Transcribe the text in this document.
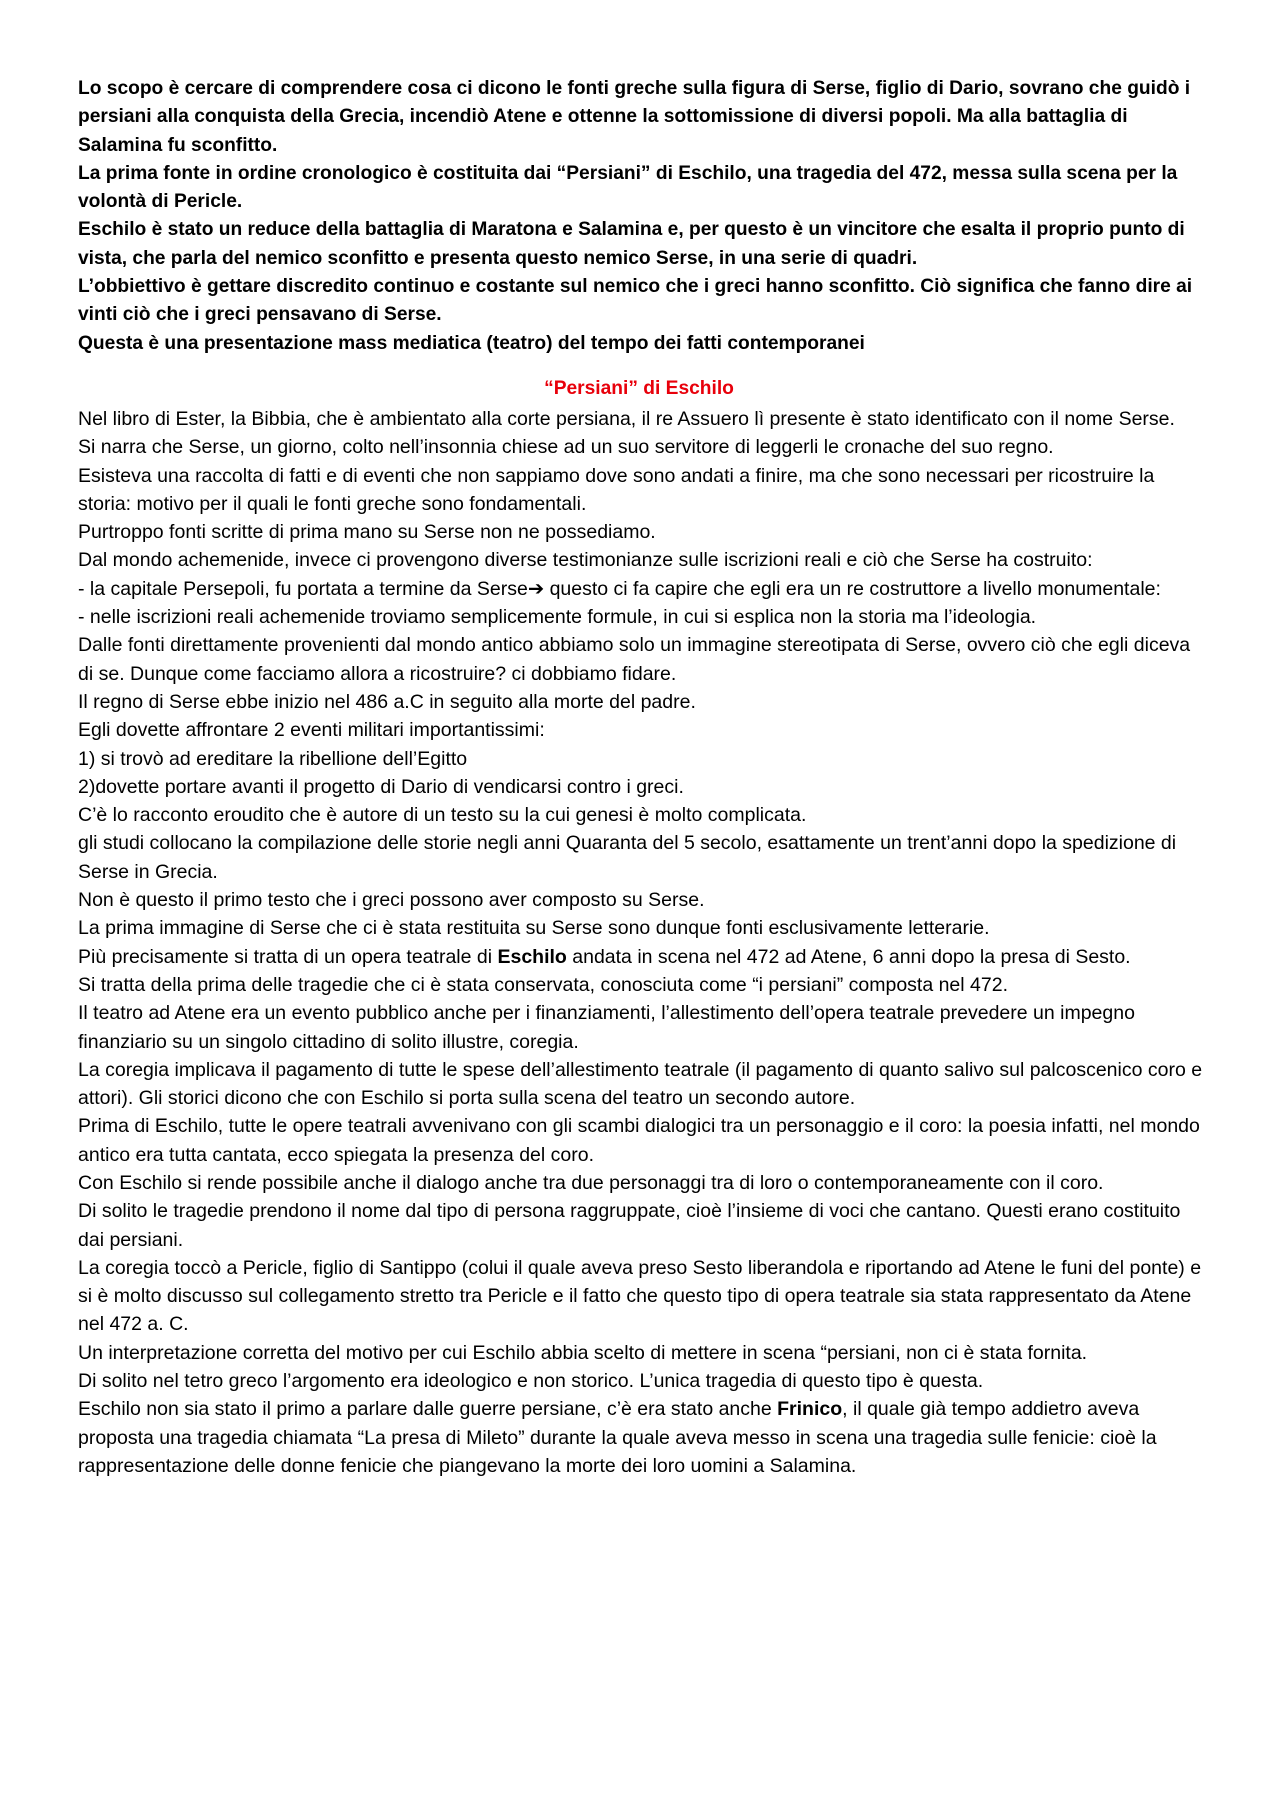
Lo scopo è cercare di comprendere cosa ci dicono le fonti greche sulla figura di Serse, figlio di Dario, sovrano che guidò i persiani alla conquista della Grecia, incendiò Atene e ottenne la sottomissione di diversi popoli. Ma alla battaglia di Salamina fu sconfitto.

La prima fonte in ordine cronologico è costituita dai “Persiani” di Eschilo, una tragedia del 472, messa sulla scena per la volontà di Pericle.

Eschilo è stato un reduce della battaglia di Maratona e Salamina e, per questo è un vincitore che esalta il proprio punto di vista, che parla del nemico sconfitto e presenta questo nemico Serse, in una serie di quadri.

L’obbiettivo è gettare discredito continuo e costante sul nemico che i greci hanno sconfitto. Ciò significa che fanno dire ai vinti ciò che i greci pensavano di Serse.

Questa è una presentazione mass mediatica (teatro) del tempo dei fatti contemporanei

“Persiani” di Eschilo

Nel libro di Ester, la Bibbia, che è ambientato alla corte persiana, il re Assuero lì presente è stato identificato con il nome Serse.

Si narra che Serse, un giorno, colto nell’insonnia chiese ad un suo servitore di leggerli le cronache del suo regno.

Esisteva una raccolta di fatti e di eventi che non sappiamo dove sono andati a finire, ma che sono necessari per ricostruire la storia: motivo per il quali le fonti greche sono fondamentali.

Purtroppo fonti scritte di prima mano su Serse non ne possediamo.

Dal mondo achemenide, invece ci provengono diverse testimonianze sulle iscrizioni reali e ciò che Serse ha costruito:

- la capitale Persepoli, fu portata a termine da Serse➔ questo ci fa capire che egli era un re costruttore a livello monumentale:

- nelle iscrizioni reali achemenide troviamo semplicemente formule, in cui si esplica non la storia ma l’ideologia.

Dalle fonti direttamente provenienti dal mondo antico abbiamo solo un immagine stereotipata di Serse, ovvero ciò che egli diceva di se. Dunque come facciamo allora a ricostruire? ci dobbiamo fidare.

Il regno di Serse ebbe inizio nel 486 a.C in seguito alla morte del padre.

Egli dovette affrontare 2 eventi militari importantissimi:

1) si trovò ad ereditare la ribellione dell’Egitto

2)dovette portare avanti il progetto di Dario di vendicarsi contro i greci.

C’è lo racconto eroudito che è autore di un testo su la cui genesi è molto complicata.

gli studi collocano la compilazione delle storie negli anni Quaranta del 5 secolo, esattamente un trent’anni dopo la spedizione di Serse in Grecia.

Non è questo il primo testo che i greci possono aver composto su Serse.

La prima immagine di Serse che ci è stata restituita su Serse sono dunque fonti esclusivamente letterarie.

Più precisamente si tratta di un opera teatrale di Eschilo andata in scena nel 472 ad Atene, 6 anni dopo la presa di Sesto.

Si tratta della prima delle tragedie che ci è stata conservata, conosciuta come “i persiani” composta nel 472.

Il teatro ad Atene era un evento pubblico anche per i finanziamenti, l’allestimento dell’opera teatrale prevedere un impegno finanziario su un singolo cittadino di solito illustre, coregia.

La coregia implicava il pagamento di tutte le spese dell’allestimento teatrale (il pagamento di quanto salivo sul palcoscenico coro e attori). Gli storici dicono che con Eschilo si porta sulla scena del teatro un secondo autore.

Prima di Eschilo, tutte le opere teatrali avvenivano con gli scambi dialogici tra un personaggio e il coro: la poesia infatti, nel mondo antico era tutta cantata, ecco spiegata la presenza del coro.

Con Eschilo si rende possibile anche il dialogo anche tra due personaggi tra di loro o contemporaneamente con il coro.

Di solito le tragedie prendono il nome dal tipo di persona raggruppate, cioè l’insieme di voci che cantano. Questi erano costituito dai persiani.

La coregia toccò a Pericle, figlio di Santippo (colui il quale aveva preso Sesto liberandola e riportando ad Atene le funi del ponte) e si è molto discusso sul collegamento stretto tra Pericle e il fatto che questo tipo di opera teatrale sia stata rappresentato da Atene nel 472 a. C.

Un interpretazione corretta del motivo per cui Eschilo abbia scelto di mettere in scena “persiani, non ci è stata fornita.

Di solito nel tetro greco l’argomento era ideologico e non storico. L’unica tragedia di questo tipo è questa.

Eschilo non sia stato il primo a parlare dalle guerre persiane, c’è era stato anche Frinico, il quale già tempo addietro aveva proposta una tragedia chiamata “La presa di Mileto” durante la quale aveva messo in scena una tragedia sulle fenicie: cioè la rappresentazione delle donne fenicie che piangevano la morte dei loro uomini a Salamina.
